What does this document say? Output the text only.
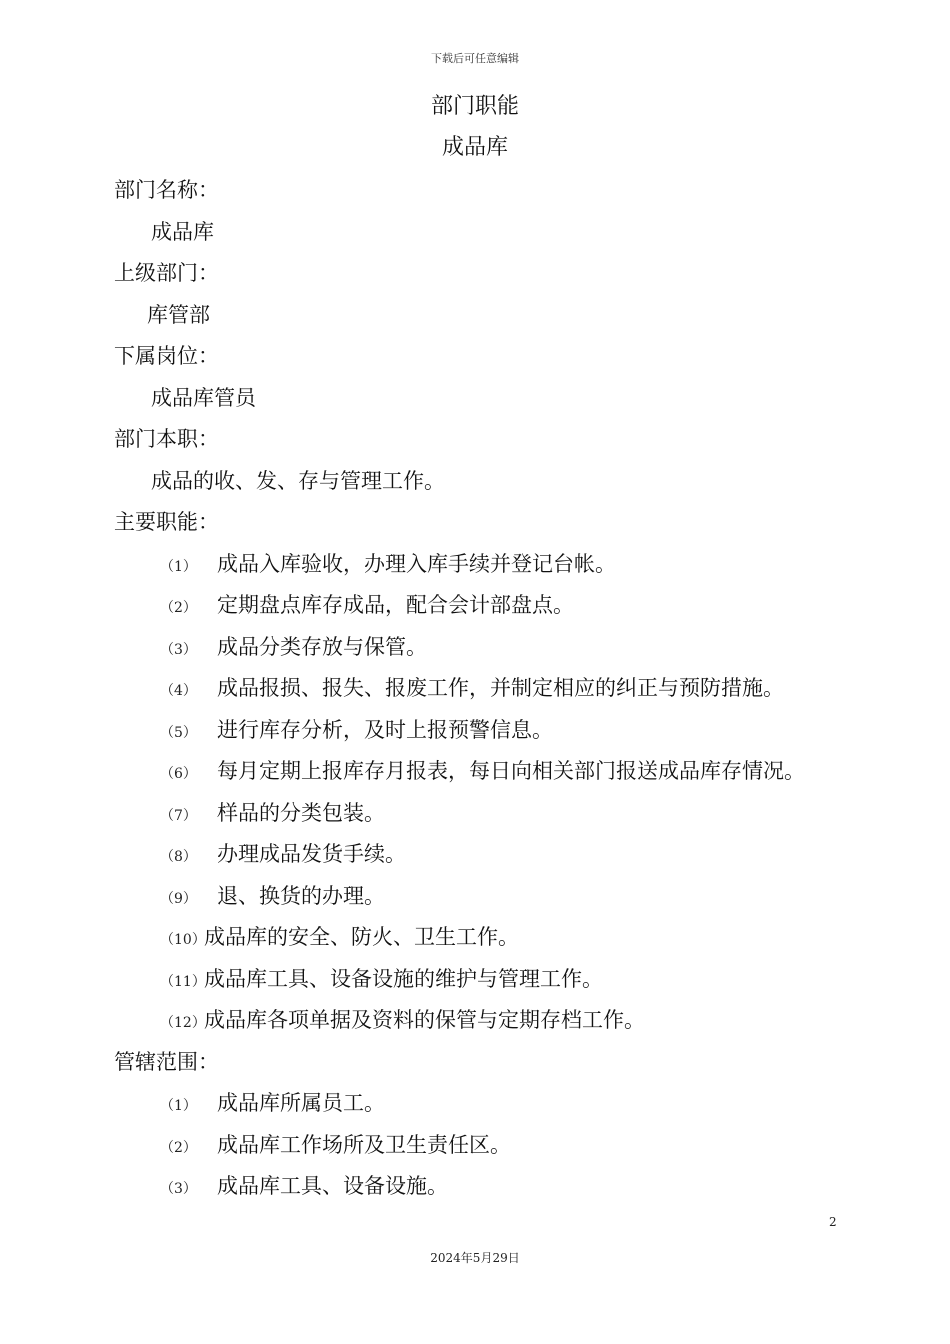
下载后可任意编辑
部门职能
成品库
部门名称：
成品库
上级部门：
库管部
下属岗位：
成品库管员
部门本职：
成品的收、发、存与管理工作。
主要职能：
（1） 成品入库验收，办理入库手续并登记台帐。
（2） 定期盘点库存成品，配合会计部盘点。
（3） 成品分类存放与保管。
（4） 成品报损、报失、报废工作，并制定相应的纠正与预防措施。
（5） 进行库存分析，及时上报预警信息。
（6） 每月定期上报库存月报表，每日向相关部门报送成品库存情况。
（7） 样品的分类包装。
（8） 办理成品发货手续。
（9） 退、换货的办理。
（10）
成品库的安全、防火、卫生工作。
（11）
成品库工具、设备设施的维护与管理工作。
（12）
成品库各项单据及资料的保管与定期存档工作。
管辖范围：
（1） 成品库所属员工。
（2） 成品库工作场所及卫生责任区。
（3） 成品库工具、设备设施。
2
2024年5月29日
